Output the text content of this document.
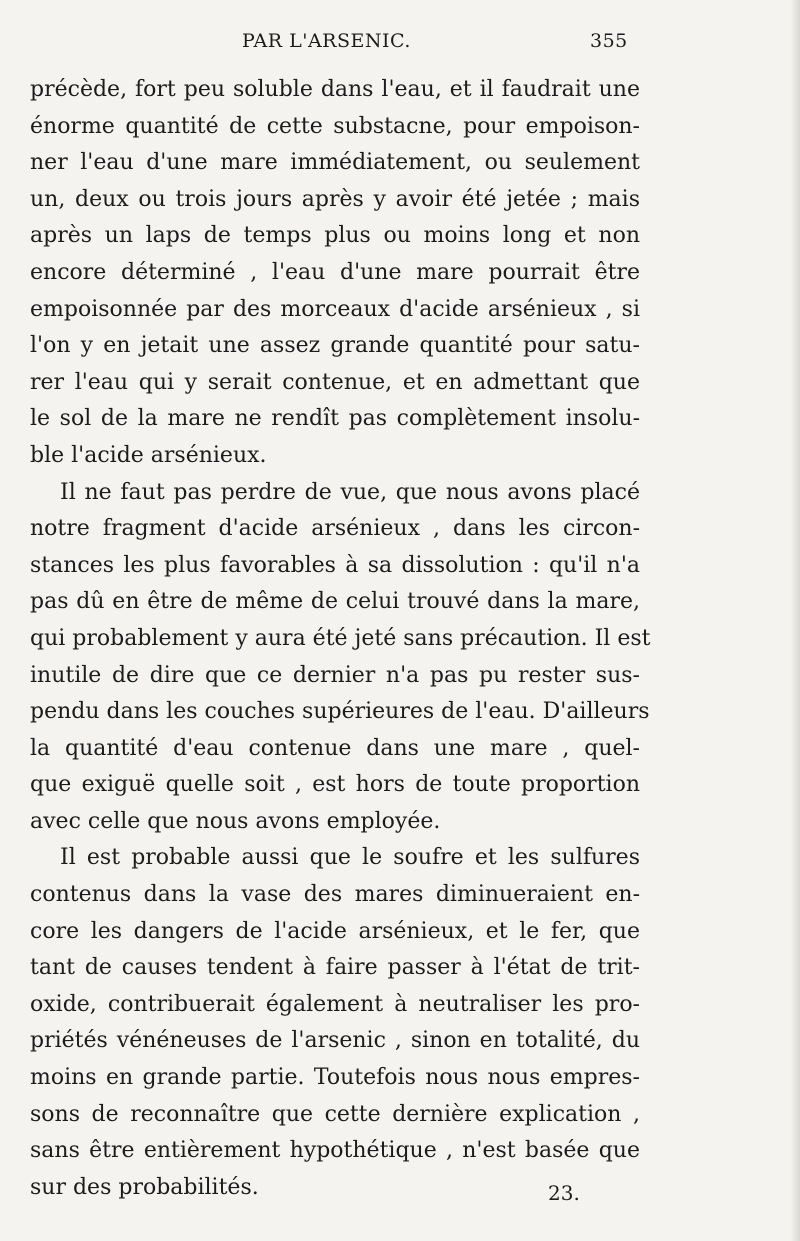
PAR L'ARSENIC.	355
précède, fort peu soluble dans l'eau, et il faudrait une
énorme quantité de cette substacne, pour empoison-
ner l'eau d'une mare immédiatement, ou seulement
un, deux ou trois jours après y avoir été jetée ; mais
après un laps de temps plus ou moins long et non
encore déterminé , l'eau d'une mare pourrait être
empoisonnée par des morceaux d'acide arsénieux , si
l'on y en jetait une assez grande quantité pour satu-
rer l'eau qui y serait contenue, et en admettant que
le sol de la mare ne rendît pas complètement insolu-
ble l'acide arsénieux.
Il ne faut pas perdre de vue, que nous avons placé
notre fragment d'acide arsénieux , dans les circon-
stances les plus favorables à sa dissolution : qu'il n'a
pas dû en être de même de celui trouvé dans la mare,
qui probablement y aura été jeté sans précaution. Il est
inutile de dire que ce dernier n'a pas pu rester sus-
pendu dans les couches supérieures de l'eau. D'ailleurs
la quantité d'eau contenue dans une mare , quel-
que exiguë quelle soit , est hors de toute proportion
avec celle que nous avons employée.
Il est probable aussi que le soufre et les sulfures
contenus dans la vase des mares diminueraient en-
core les dangers de l'acide arsénieux, et le fer, que
tant de causes tendent à faire passer à l'état de trit-
oxide, contribuerait également à neutraliser les pro-
priétés vénéneuses de l'arsenic , sinon en totalité, du
moins en grande partie. Toutefois nous nous empres-
sons de reconnaître que cette dernière explication ,
sans être entièrement hypothétique , n'est basée que
sur des probabilités.	23.
